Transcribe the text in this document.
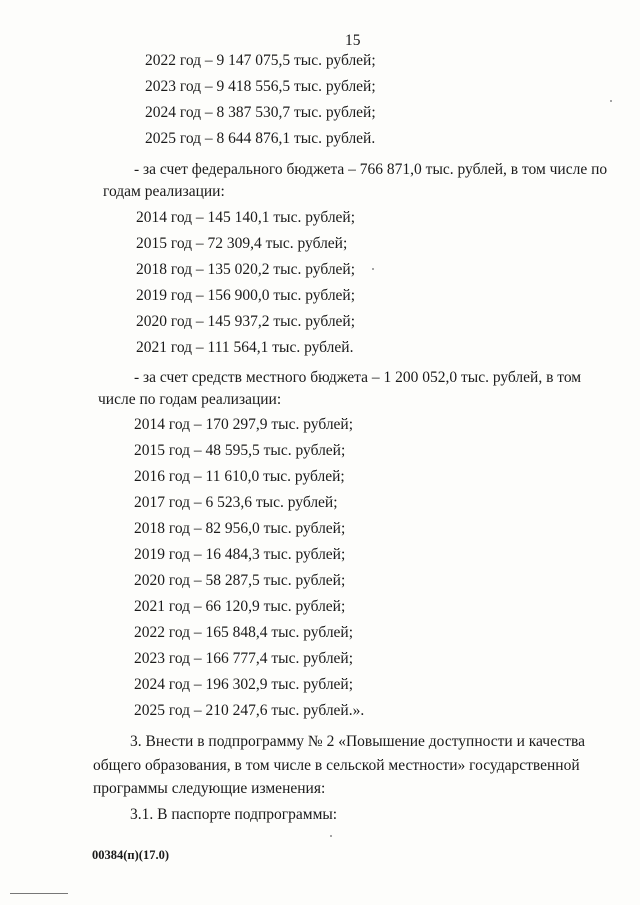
15
2022 год – 9 147 075,5 тыс. рублей;
2023 год – 9 418 556,5 тыс. рублей;
2024 год – 8 387 530,7 тыс. рублей;
2025 год – 8 644 876,1 тыс. рублей.
- за счет федерального бюджета – 766 871,0 тыс. рублей, в том числе по
годам реализации:
2014 год – 145 140,1 тыс. рублей;
2015 год – 72 309,4 тыс. рублей;
2018 год – 135 020,2 тыс. рублей;
2019 год – 156 900,0 тыс. рублей;
2020 год – 145 937,2 тыс. рублей;
2021 год – 111 564,1 тыс. рублей.
- за счет средств местного бюджета – 1 200 052,0 тыс. рублей, в том
числе по годам реализации:
2014 год – 170 297,9 тыс. рублей;
2015 год – 48 595,5 тыс. рублей;
2016 год – 11 610,0 тыс. рублей;
2017 год – 6 523,6 тыс. рублей;
2018 год – 82 956,0 тыс. рублей;
2019 год – 16 484,3 тыс. рублей;
2020 год – 58 287,5 тыс. рублей;
2021 год – 66 120,9 тыс. рублей;
2022 год – 165 848,4 тыс. рублей;
2023 год – 166 777,4 тыс. рублей;
2024 год – 196 302,9 тыс. рублей;
2025 год – 210 247,6 тыс. рублей.».
3. Внести в подпрограмму № 2 «Повышение доступности и качества
общего образования, в том числе в сельской местности» государственной
программы следующие изменения:
3.1. В паспорте подпрограммы:
00384(п)(17.0)
